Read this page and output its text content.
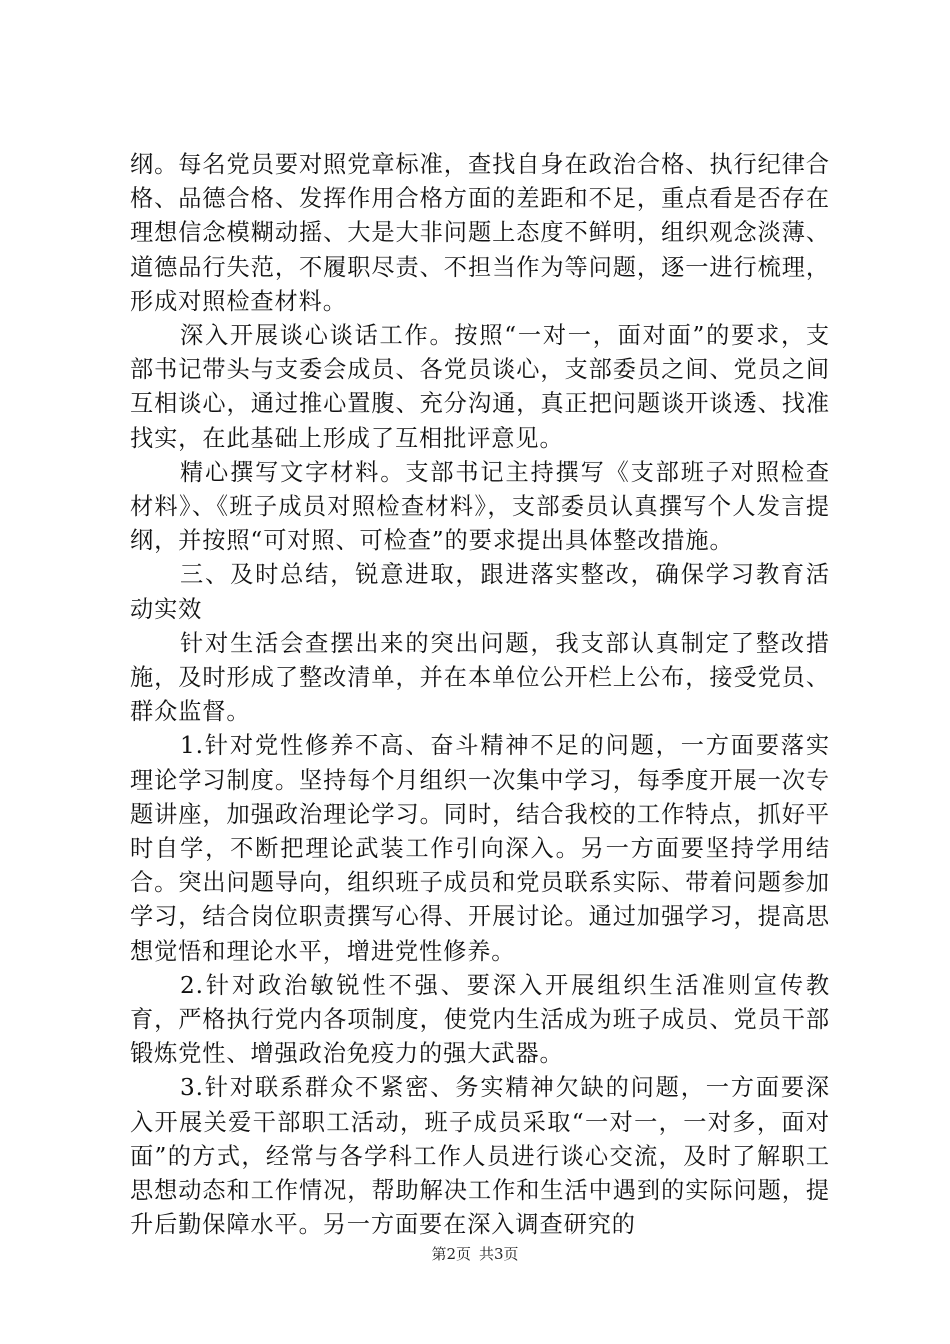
纲。每名党员要对照党章标准，查找自身在政治合格、执行纪律合格、品德合格、发挥作用合格方面的差距和不足，重点看是否存在理想信念模糊动摇、大是大非问题上态度不鲜明，组织观念淡薄、道德品行失范，不履职尽责、不担当作为等问题，逐一进行梳理，形成对照检查材料。

深入开展谈心谈话工作。按照“一对一，面对面”的要求，支部书记带头与支委会成员、各党员谈心，支部委员之间、党员之间互相谈心，通过推心置腹、充分沟通，真正把问题谈开谈透、找准找实，在此基础上形成了互相批评意见。

精心撰写文字材料。支部书记主持撰写《支部班子对照检查材料》、《班子成员对照检查材料》，支部委员认真撰写个人发言提纲，并按照“可对照、可检查”的要求提出具体整改措施。

三、及时总结，锐意进取，跟进落实整改，确保学习教育活动实效

针对生活会查摆出来的突出问题，我支部认真制定了整改措施，及时形成了整改清单，并在本单位公开栏上公布，接受党员、群众监督。

1.针对党性修养不高、奋斗精神不足的问题，一方面要落实理论学习制度。坚持每个月组织一次集中学习，每季度开展一次专题讲座，加强政治理论学习。同时，结合我校的工作特点，抓好平时自学，不断把理论武装工作引向深入。另一方面要坚持学用结合。突出问题导向，组织班子成员和党员联系实际、带着问题参加学习，结合岗位职责撰写心得、开展讨论。通过加强学习，提高思想觉悟和理论水平，增进党性修养。

2.针对政治敏锐性不强、要深入开展组织生活准则宣传教育，严格执行党内各项制度，使党内生活成为班子成员、党员干部锻炼党性、增强政治免疫力的强大武器。

3.针对联系群众不紧密、务实精神欠缺的问题，一方面要深入开展关爱干部职工活动，班子成员采取“一对一，一对多，面对面”的方式，经常与各学科工作人员进行谈心交流，及时了解职工思想动态和工作情况，帮助解决工作和生活中遇到的实际问题，提升后勤保障水平。另一方面要在深入调查研究的

第2页 共3页
